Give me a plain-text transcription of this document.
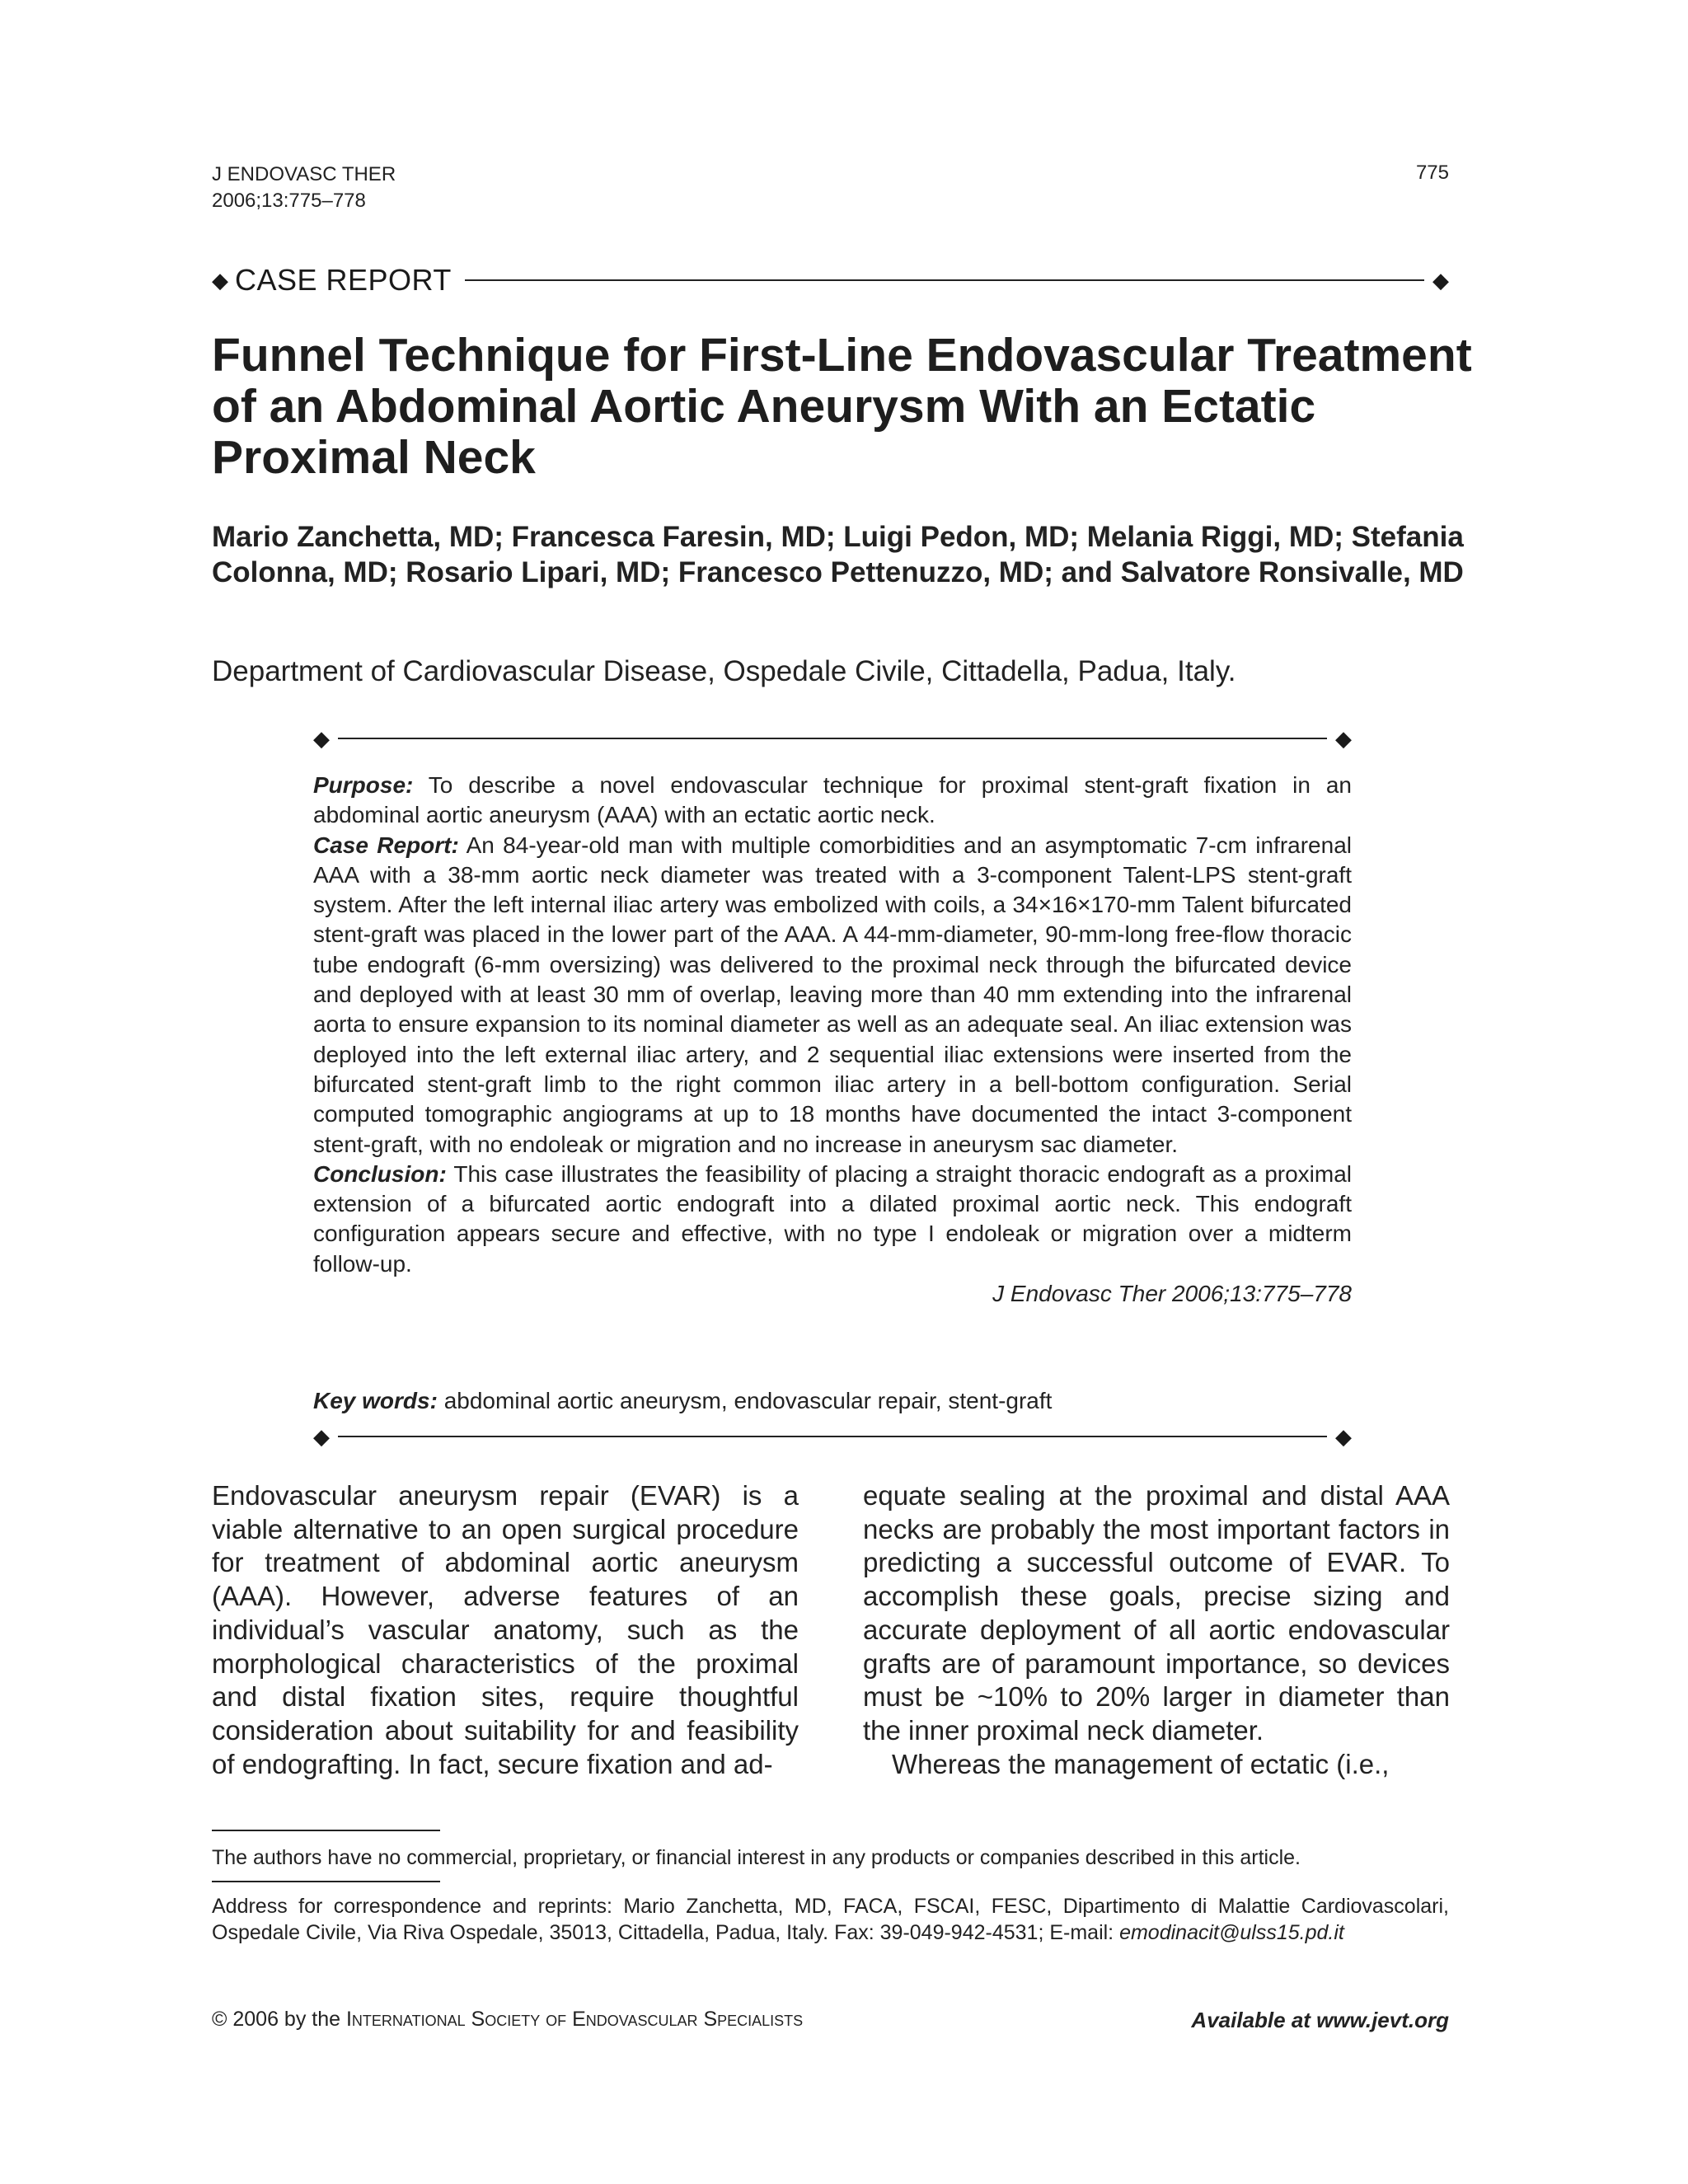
J ENDOVASC THER
2006;13:775–778
775
◆ CASE REPORT	◆
Funnel Technique for First-Line Endovascular Treatment of an Abdominal Aortic Aneurysm With an Ectatic Proximal Neck
Mario Zanchetta, MD; Francesca Faresin, MD; Luigi Pedon, MD; Melania Riggi, MD; Stefania Colonna, MD; Rosario Lipari, MD; Francesco Pettenuzzo, MD; and Salvatore Ronsivalle, MD
Department of Cardiovascular Disease, Ospedale Civile, Cittadella, Padua, Italy.
◆	◆

Purpose: To describe a novel endovascular technique for proximal stent-graft fixation in an abdominal aortic aneurysm (AAA) with an ectatic aortic neck.

Case Report: An 84-year-old man with multiple comorbidities and an asymptomatic 7-cm infrarenal AAA with a 38-mm aortic neck diameter was treated with a 3-component Talent-LPS stent-graft system. After the left internal iliac artery was embolized with coils, a 34×16×170-mm Talent bifurcated stent-graft was placed in the lower part of the AAA. A 44-mm-diameter, 90-mm-long free-flow thoracic tube endograft (6-mm oversizing) was delivered to the proximal neck through the bifurcated device and deployed with at least 30 mm of overlap, leaving more than 40 mm extending into the infrarenal aorta to ensure expansion to its nominal diameter as well as an adequate seal. An iliac extension was deployed into the left external iliac artery, and 2 sequential iliac extensions were inserted from the bifurcated stent-graft limb to the right common iliac artery in a bell-bottom configuration. Serial computed tomographic angiograms at up to 18 months have documented the intact 3-component stent-graft, with no endoleak or migration and no increase in aneurysm sac diameter.

Conclusion: This case illustrates the feasibility of placing a straight thoracic endograft as a proximal extension of a bifurcated aortic endograft into a dilated proximal aortic neck. This endograft configuration appears secure and effective, with no type I endoleak or migration over a midterm follow-up.

J Endovasc Ther 2006;13:775–778

Key words: abdominal aortic aneurysm, endovascular repair, stent-graft
◆	◆

Endovascular aneurysm repair (EVAR) is a viable alternative to an open surgical procedure for treatment of abdominal aortic aneurysm (AAA). However, adverse features of an individual’s vascular anatomy, such as the morphological characteristics of the proximal and distal fixation sites, require thoughtful consideration about suitability for and feasibility of endografting. In fact, secure fixation and ad-

equate sealing at the proximal and distal AAA necks are probably the most important factors in predicting a successful outcome of EVAR. To accomplish these goals, precise sizing and accurate deployment of all aortic endovascular grafts are of paramount importance, so devices must be ~10% to 20% larger in diameter than the inner proximal neck diameter.

Whereas the management of ectatic (i.e.,

The authors have no commercial, proprietary, or financial interest in any products or companies described in this article.
Address for correspondence and reprints: Mario Zanchetta, MD, FACA, FSCAI, FESC, Dipartimento di Malattie Cardiovascolari, Ospedale Civile, Via Riva Ospedale, 35013, Cittadella, Padua, Italy. Fax: 39-049-942-4531; E-mail: emodinacit@ulss15.pd.it
© 2006 by the International Society of Endovascular Specialists	Available at www.jevt.org
